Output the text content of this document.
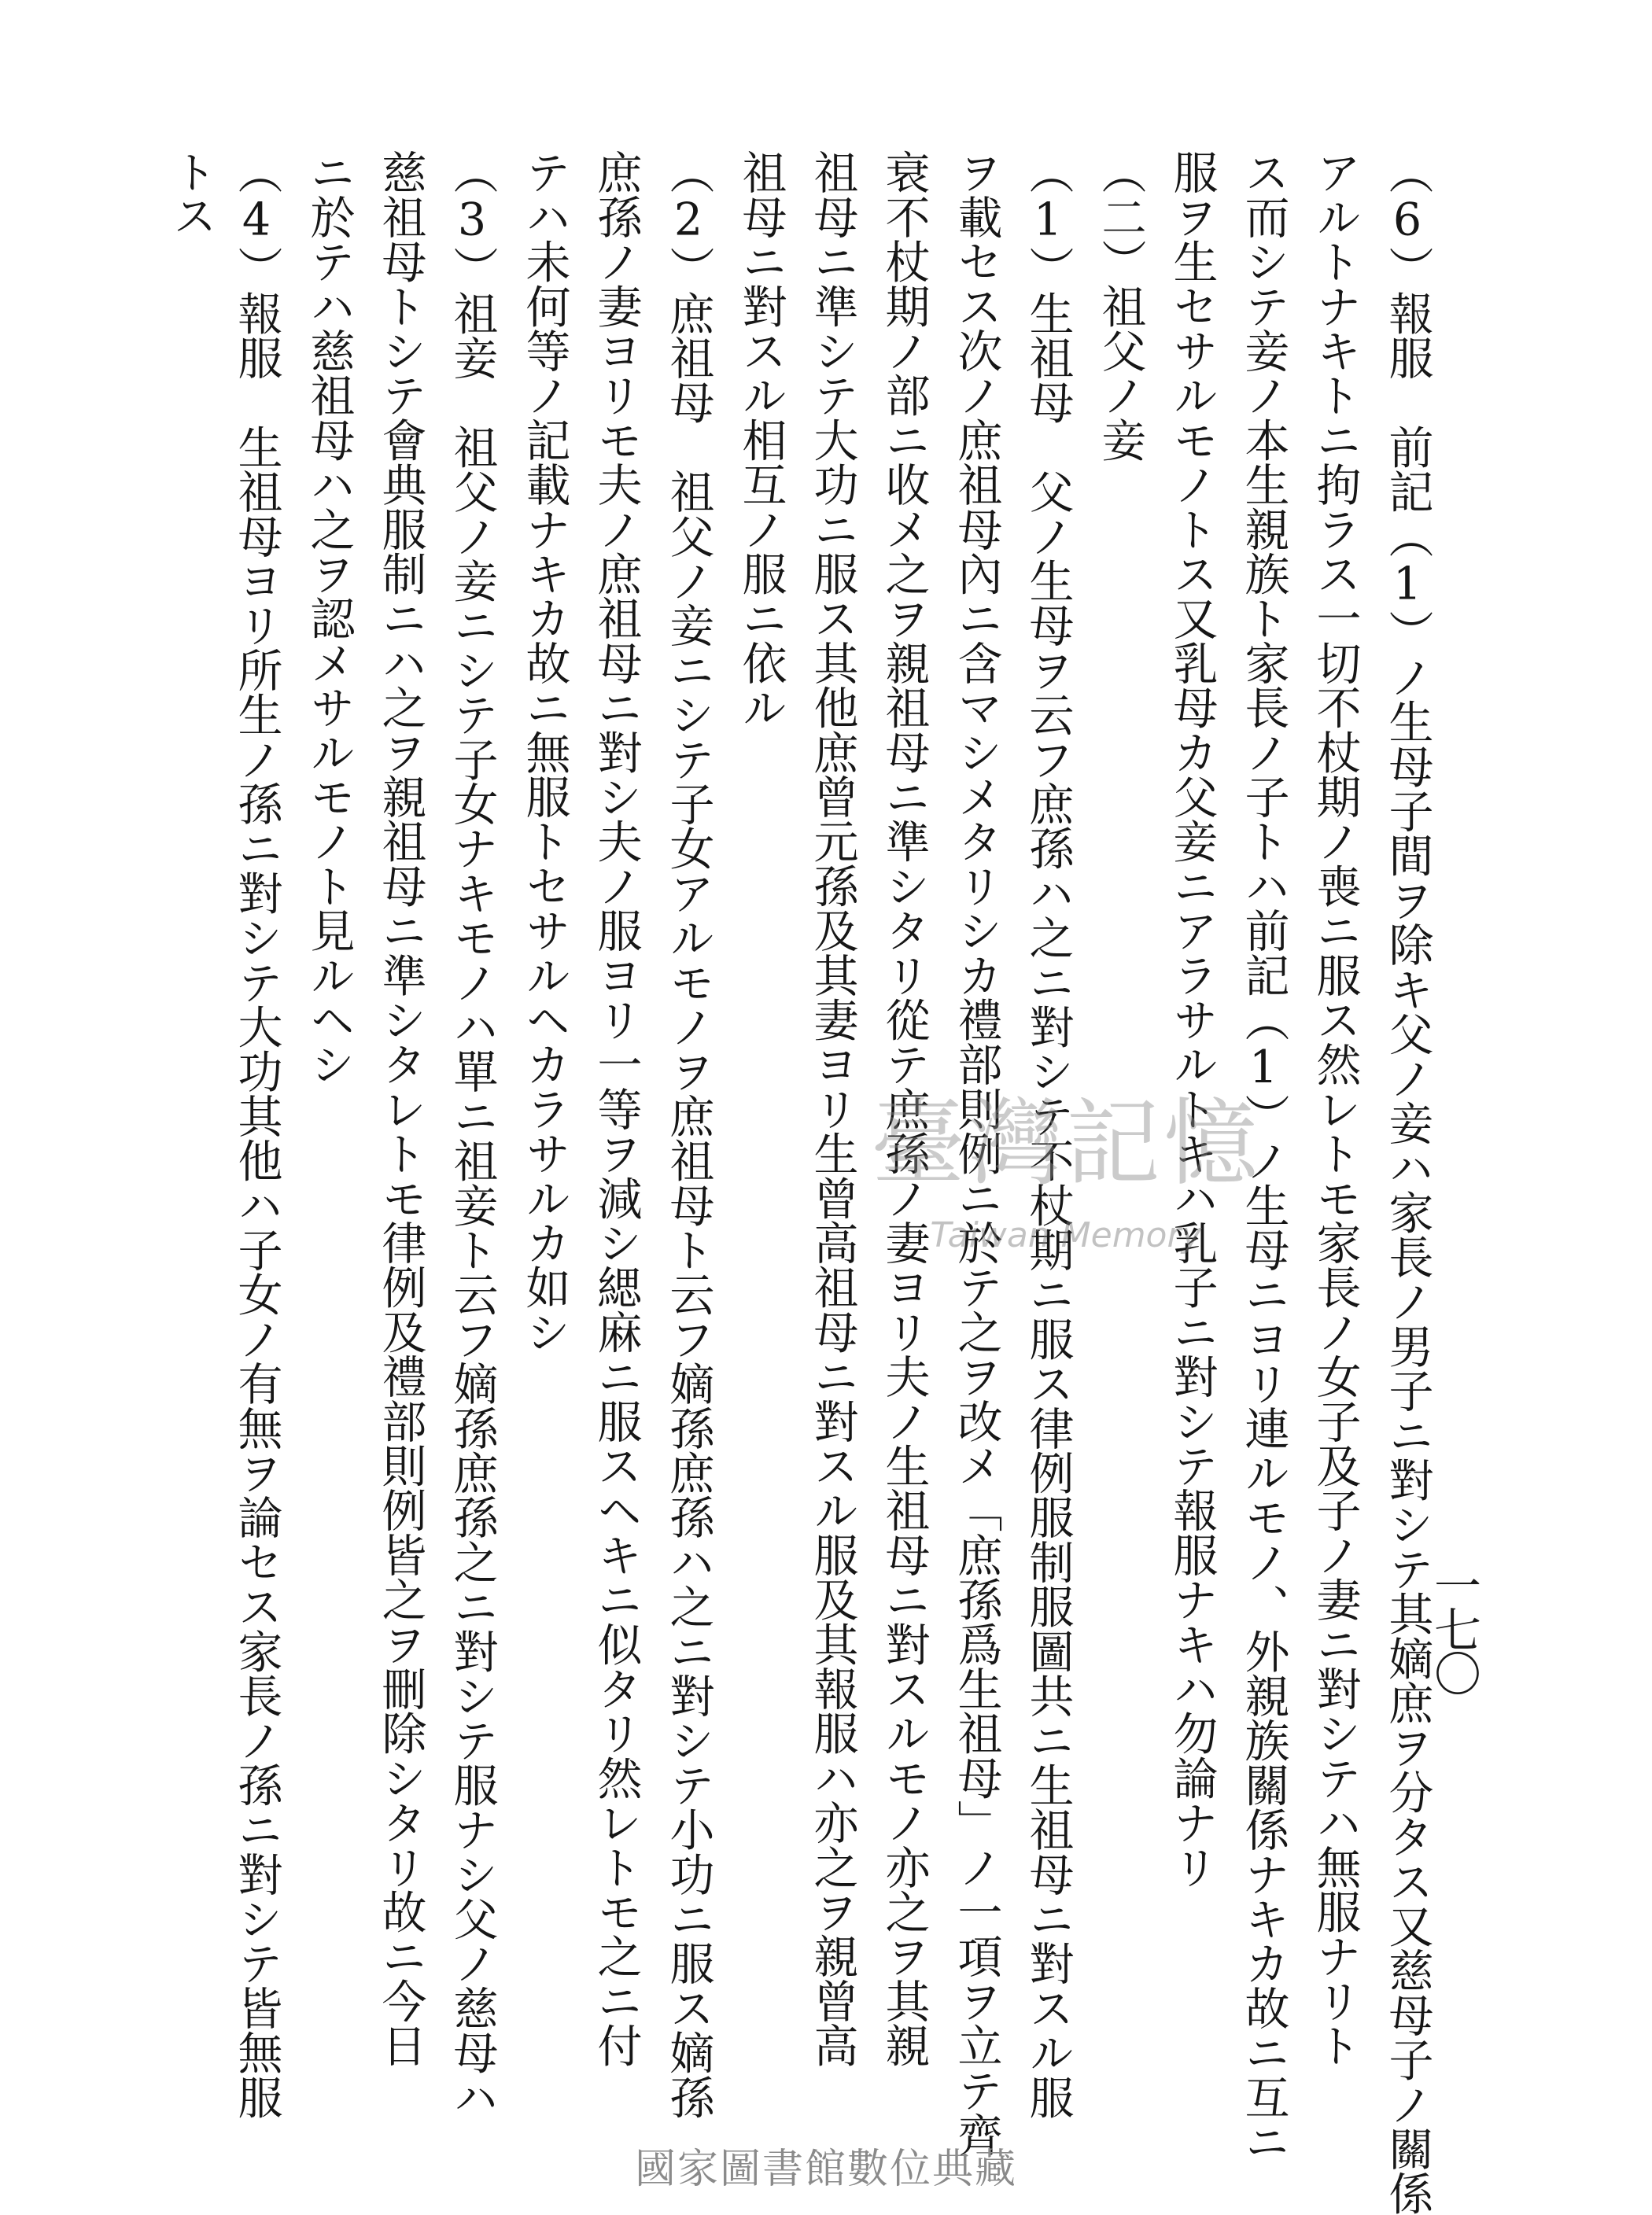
一七〇
（6）報服　前記（1）ノ生母子間ヲ除キ父ノ妾ハ家長ノ男子ニ對シテ其嫡庶ヲ分タス又慈母子ノ關係
アルトナキトニ拘ラス一切不杖期ノ喪ニ服ス然レトモ家長ノ女子及子ノ妻ニ對シテハ無服ナリト
ス而シテ妾ノ本生親族ト家長ノ子トハ前記（1）ノ生母ニヨリ連ルモノ、外親族關係ナキカ故ニ互ニ
服ヲ生セサルモノトス又乳母カ父妾ニアラサルトキハ乳子ニ對シテ報服ナキハ勿論ナリ
（二）祖父ノ妾
（1）生祖母　父ノ生母ヲ云フ庶孫ハ之ニ對シテ不杖期ニ服ス律例服制服圖共ニ生祖母ニ對スル服
ヲ載セス次ノ庶祖母內ニ含マシメタリシカ禮部則例ニ於テ之ヲ改メ「庶孫爲生祖母」ノ一項ヲ立テ齊
衰不杖期ノ部ニ收メ之ヲ親祖母ニ準シタリ從テ庶孫ノ妻ヨリ夫ノ生祖母ニ對スルモノ亦之ヲ其親
祖母ニ準シテ大功ニ服ス其他庶曾元孫及其妻ヨリ生曾高祖母ニ對スル服及其報服ハ亦之ヲ親曾高
祖母ニ對スル相互ノ服ニ依ル
（2）庶祖母　祖父ノ妾ニシテ子女アルモノヲ庶祖母ト云フ嫡孫庶孫ハ之ニ對シテ小功ニ服ス嫡孫
庶孫ノ妻ヨリモ夫ノ庶祖母ニ對シ夫ノ服ヨリ一等ヲ減シ緦麻ニ服スヘキニ似タリ然レトモ之ニ付
テハ未何等ノ記載ナキカ故ニ無服トセサルヘカラサルカ如シ
（3）祖妾　祖父ノ妾ニシテ子女ナキモノハ單ニ祖妾ト云フ嫡孫庶孫之ニ對シテ服ナシ父ノ慈母ハ
慈祖母トシテ會典服制ニハ之ヲ親祖母ニ準シタレトモ律例及禮部則例皆之ヲ刪除シタリ故ニ今日
ニ於テハ慈祖母ハ之ヲ認メサルモノト見ルヘシ
（4）報服　生祖母ヨリ所生ノ孫ニ對シテ大功其他ハ子女ノ有無ヲ論セス家長ノ孫ニ對シテ皆無服
トス
臺灣記憶
Taiwan Memory
國家圖書館數位典藏
